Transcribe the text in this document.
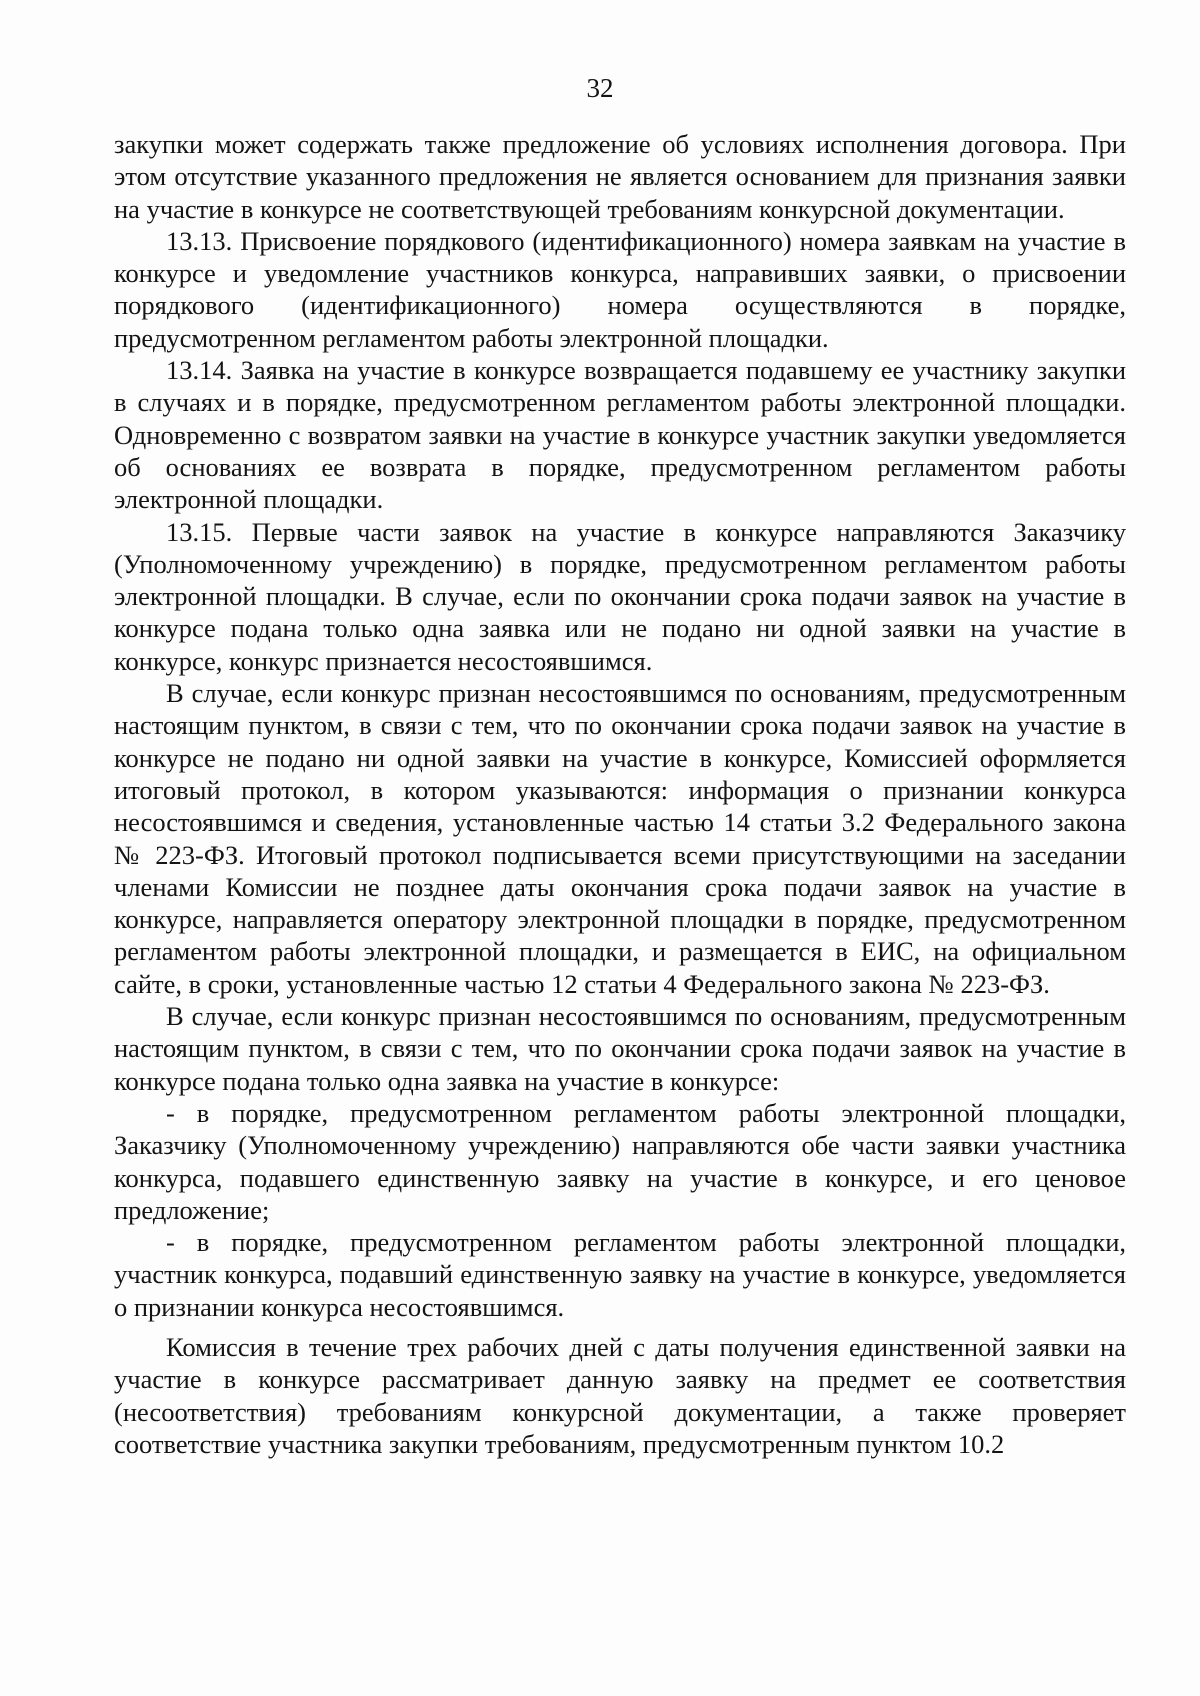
32

закупки может содержать также предложение об условиях исполнения договора. При этом отсутствие указанного предложения не является основанием для признания заявки на участие в конкурсе не соответствующей требованиям конкурсной документации.

13.13. Присвоение порядкового (идентификационного) номера заявкам на участие в конкурсе и уведомление участников конкурса, направивших заявки, о присвоении порядкового (идентификационного) номера осуществляются в порядке, предусмотренном регламентом работы электронной площадки.

13.14. Заявка на участие в конкурсе возвращается подавшему ее участнику закупки в случаях и в порядке, предусмотренном регламентом работы электронной площадки. Одновременно с возвратом заявки на участие в конкурсе участник закупки уведомляется об основаниях ее возврата в порядке, предусмотренном регламентом работы электронной площадки.

13.15. Первые части заявок на участие в конкурсе направляются Заказчику (Уполномоченному учреждению) в порядке, предусмотренном регламентом работы электронной площадки. В случае, если по окончании срока подачи заявок на участие в конкурсе подана только одна заявка или не подано ни одной заявки на участие в конкурсе, конкурс признается несостоявшимся.

В случае, если конкурс признан несостоявшимся по основаниям, предусмотренным настоящим пунктом, в связи с тем, что по окончании срока подачи заявок на участие в конкурсе не подано ни одной заявки на участие в конкурсе, Комиссией оформляется итоговый протокол, в котором указываются: информация о признании конкурса несостоявшимся и сведения, установленные частью 14 статьи 3.2 Федерального закона № 223-ФЗ. Итоговый протокол подписывается всеми присутствующими на заседании членами Комиссии не позднее даты окончания срока подачи заявок на участие в конкурсе, направляется оператору электронной площадки в порядке, предусмотренном регламентом работы электронной площадки, и размещается в ЕИС, на официальном сайте, в сроки, установленные частью 12 статьи 4 Федерального закона № 223-ФЗ.

В случае, если конкурс признан несостоявшимся по основаниям, предусмотренным настоящим пунктом, в связи с тем, что по окончании срока подачи заявок на участие в конкурсе подана только одна заявка на участие в конкурсе:

- в порядке, предусмотренном регламентом работы электронной площадки, Заказчику (Уполномоченному учреждению) направляются обе части заявки участника конкурса, подавшего единственную заявку на участие в конкурсе, и его ценовое предложение;

- в порядке, предусмотренном регламентом работы электронной площадки, участник конкурса, подавший единственную заявку на участие в конкурсе, уведомляется о признании конкурса несостоявшимся.

Комиссия в течение трех рабочих дней с даты получения единственной заявки на участие в конкурсе рассматривает данную заявку на предмет ее соответствия (несоответствия) требованиям конкурсной документации, а также проверяет соответствие участника закупки требованиям, предусмотренным пунктом 10.2
